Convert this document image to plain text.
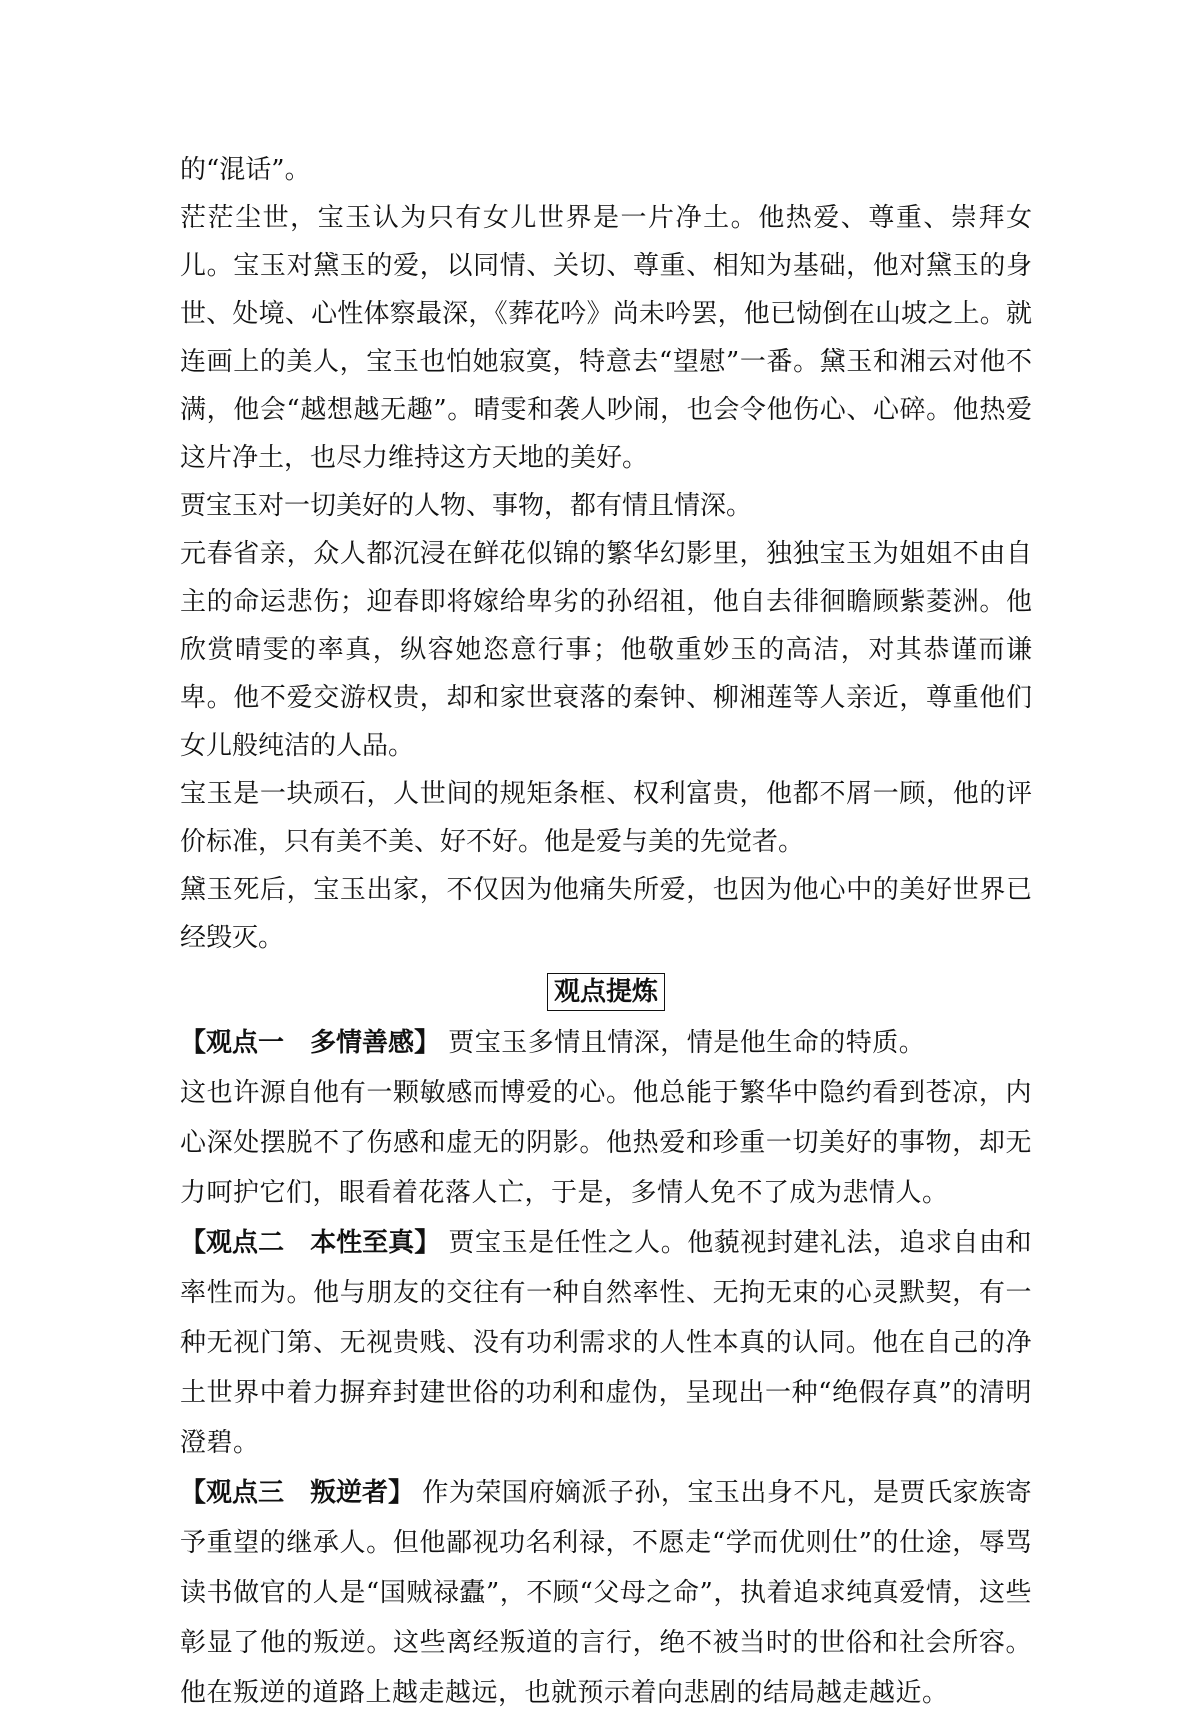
的“混话”。

茫茫尘世，宝玉认为只有女儿世界是一片净土。他热爱、尊重、崇拜女儿。宝玉对黛玉的爱，以同情、关切、尊重、相知为基础，他对黛玉的身世、处境、心性体察最深，《葬花吟》尚未吟罢，他已恸倒在山坡之上。就连画上的美人，宝玉也怕她寂寞，特意去“望慰”一番。黛玉和湘云对他不满，他会“越想越无趣”。晴雯和袭人吵闹，也会令他伤心、心碎。他热爱这片净土，也尽力维持这方天地的美好。

贾宝玉对一切美好的人物、事物，都有情且情深。

元春省亲，众人都沉浸在鲜花似锦的繁华幻影里，独独宝玉为姐姐不由自主的命运悲伤；迎春即将嫁给卑劣的孙绍祖，他自去徘徊瞻顾紫菱洲。他欣赏晴雯的率真，纵容她恣意行事；他敬重妙玉的高洁，对其恭谨而谦卑。他不爱交游权贵，却和家世衰落的秦钟、柳湘莲等人亲近，尊重他们女儿般纯洁的人品。

宝玉是一块顽石，人世间的规矩条框、权利富贵，他都不屑一顾，他的评价标准，只有美不美、好不好。他是爱与美的先觉者。

黛玉死后，宝玉出家，不仅因为他痛失所爱，也因为他心中的美好世界已经毁灭。

观点提炼

【观点一　多情善感】 贾宝玉多情且情深，情是他生命的特质。

这也许源自他有一颗敏感而博爱的心。他总能于繁华中隐约看到苍凉，内心深处摆脱不了伤感和虚无的阴影。他热爱和珍重一切美好的事物，却无力呵护它们，眼看着花落人亡，于是，多情人免不了成为悲情人。

【观点二　本性至真】 贾宝玉是任性之人。他藐视封建礼法，追求自由和率性而为。他与朋友的交往有一种自然率性、无拘无束的心灵默契，有一种无视门第、无视贵贱、没有功利需求的人性本真的认同。他在自己的净土世界中着力摒弃封建世俗的功利和虚伪，呈现出一种“绝假存真”的清明澄碧。

【观点三　叛逆者】 作为荣国府嫡派子孙，宝玉出身不凡，是贾氏家族寄予重望的继承人。但他鄙视功名利禄，不愿走“学而优则仕”的仕途，辱骂读书做官的人是“国贼禄蠹”，不顾“父母之命”，执着追求纯真爱情，这些彰显了他的叛逆。这些离经叛道的言行，绝不被当时的世俗和社会所容。他在叛逆的道路上越走越远，也就预示着向悲剧的结局越走越近。
